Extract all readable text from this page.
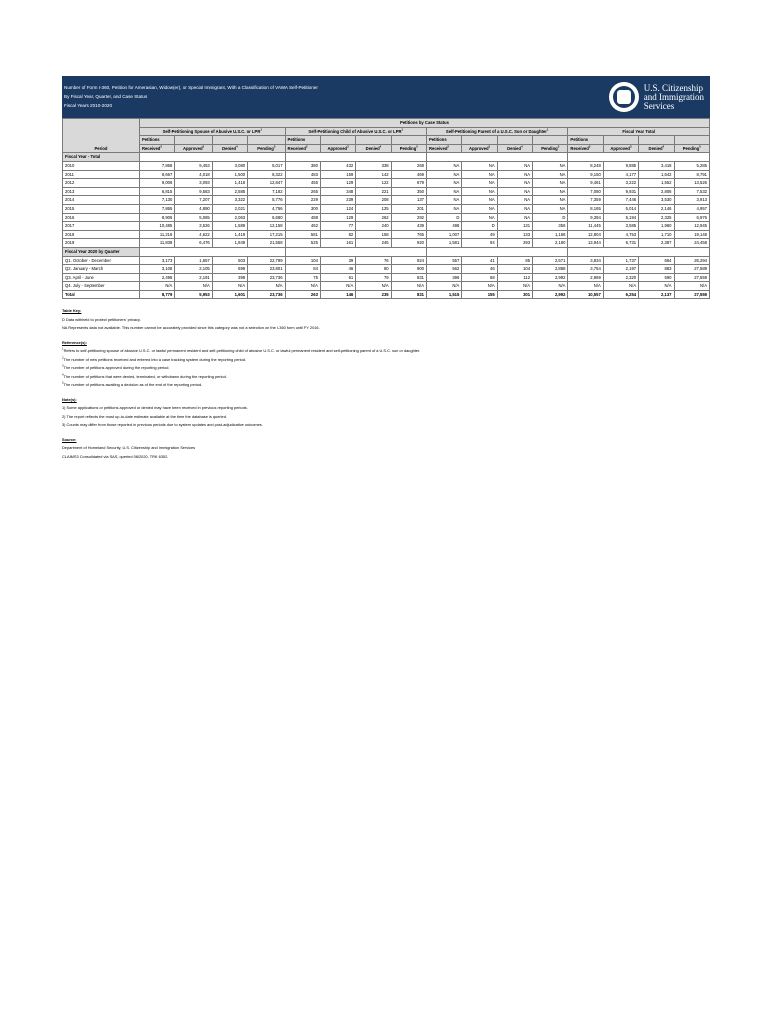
Number of Form I-360, Petition for Amerasian, Widow(er), or Special Immigrant, With a Classification of VAWA Self-Petitioner
By Fiscal Year, Quarter, and Case Status
Fiscal Years 2010-2020
U.S. Citizenship
and Immigration
Services
Period	Petitions by Case Status															
	Self-Petitioning Spouse of Abusive U.S.C. or LPR$^1$				Self-Petitioning Child of Abusive U.S.C. or LPR$^1$				Self-Petitioning Parent of a U.S.C. Son or Daughter$^1$				Fiscal Year Total			
	Petitions				Petitions				Petitions				Petitions			
	Received$^2$	Approved$^3$	Denied$^4$	Pending$^5$	Received$^2$	Approved$^3$	Denied$^4$	Pending$^5$	Received$^2$	Approved$^3$	Denied$^4$	Pending$^5$	Received$^2$	Approved$^3$	Denied$^4$	Pending$^5$
Fiscal Year - Total																
2010	7,868	9,453	3,080	5,017	380	432	338	268	NA	NA	NA	NA	8,248	9,885	3,418	5,285
2011	8,667	4,018	1,500	8,322	483	159	142	469	NA	NA	NA	NA	9,150	4,177	1,642	8,791
2012	9,006	3,093	1,418	12,847	455	129	122	679	NA	NA	NA	NA	9,461	3,222	1,552	13,526
2013	6,815	9,583	2,585	7,182	265	348	221	350	NA	NA	NA	NA	7,080	9,931	2,806	7,532
2014	7,130	7,207	3,322	5,776	229	239	208	137	NA	NA	NA	NA	7,359	7,446	3,530	3,913
2015	7,865	4,890	2,021	4,756	300	124	125	201	NA	NA	NA	NA	8,165	5,014	2,146	4,957
2016	8,906	5,065	2,063	6,680	488	129	262	292	D	NA	NA	D	9,394	5,194	2,325	6,976
2017	10,485	3,526	1,589	12,158	462	77	240	439	498	D	131	356	11,445	3,585	1,960	12,945
2018	11,216	4,622	1,419	17,215	581	82	158	765	1,007	49	133	1,168	12,804	4,753	1,710	19,148
2019	11,838	6,476	1,849	21,558	525	161	245	920	1,581	94	293	2,180	13,944	6,731	2,387	24,458
Fiscal Year 2020 by Quarter																
Q1. October - December	3,173	1,657	503	22,799	104	39	76	924	557	41	85	2,571	3,834	1,737	664	26,294
Q2. January - March	3,108	2,105	699	23,801	84	46	80	900	562	46	104	2,888	3,754	2,197	883	27,589
Q3. April - June	2,498	2,191	399	23,736	75	61	79	831	396	68	112	2,992	2,969	2,320	590	27,559
Q4. July - September	N/A	N/A	N/A	N/A	N/A	N/A	N/A	N/A	N/A	N/A	N/A	N/A	N/A	N/A	N/A	N/A
Total	8,779	5,953	1,601	23,736	263	146	235	831	1,515	155	301	2,992	10,557	6,254	2,137	27,559
Table Key:
D Data withheld to protect petitioners' privacy.
NA Represents data not available. This number cannot be accurately provided since this category was not a selection on the I-360 form until FY 2016.
Reference(s):
$^1$Refers to self-petitioning spouse of abusive U.S.C. or lawful permanent resident and self-petitioning child of abusive U.S.C. or lawful permanent resident and self-petitioning parent of a U.S.C. son or daughter.
$^2$The number of new petitions received and entered into a case tracking system during the reporting period.
$^3$The number of petitions approved during the reporting period.
$^4$The number of petitions that were denied, terminated, or withdrawn during the reporting period.
$^5$The number of petitions awaiting a decision as of the end of the reporting period.
Note(s):
1) Some applications or petitions approved or denied may have been received in previous reporting periods.
2) The report reflects the most up-to-date estimate available at the time the database is queried.
3) Counts may differ from those reported in previous periods due to system updates and post-adjudicative outcomes.
Source:
Department of Homeland Security, U.S. Citizenship and Immigration Services
CLAIMS3 Consolidated via SAS, queried 08/2020, TRK 6352.
